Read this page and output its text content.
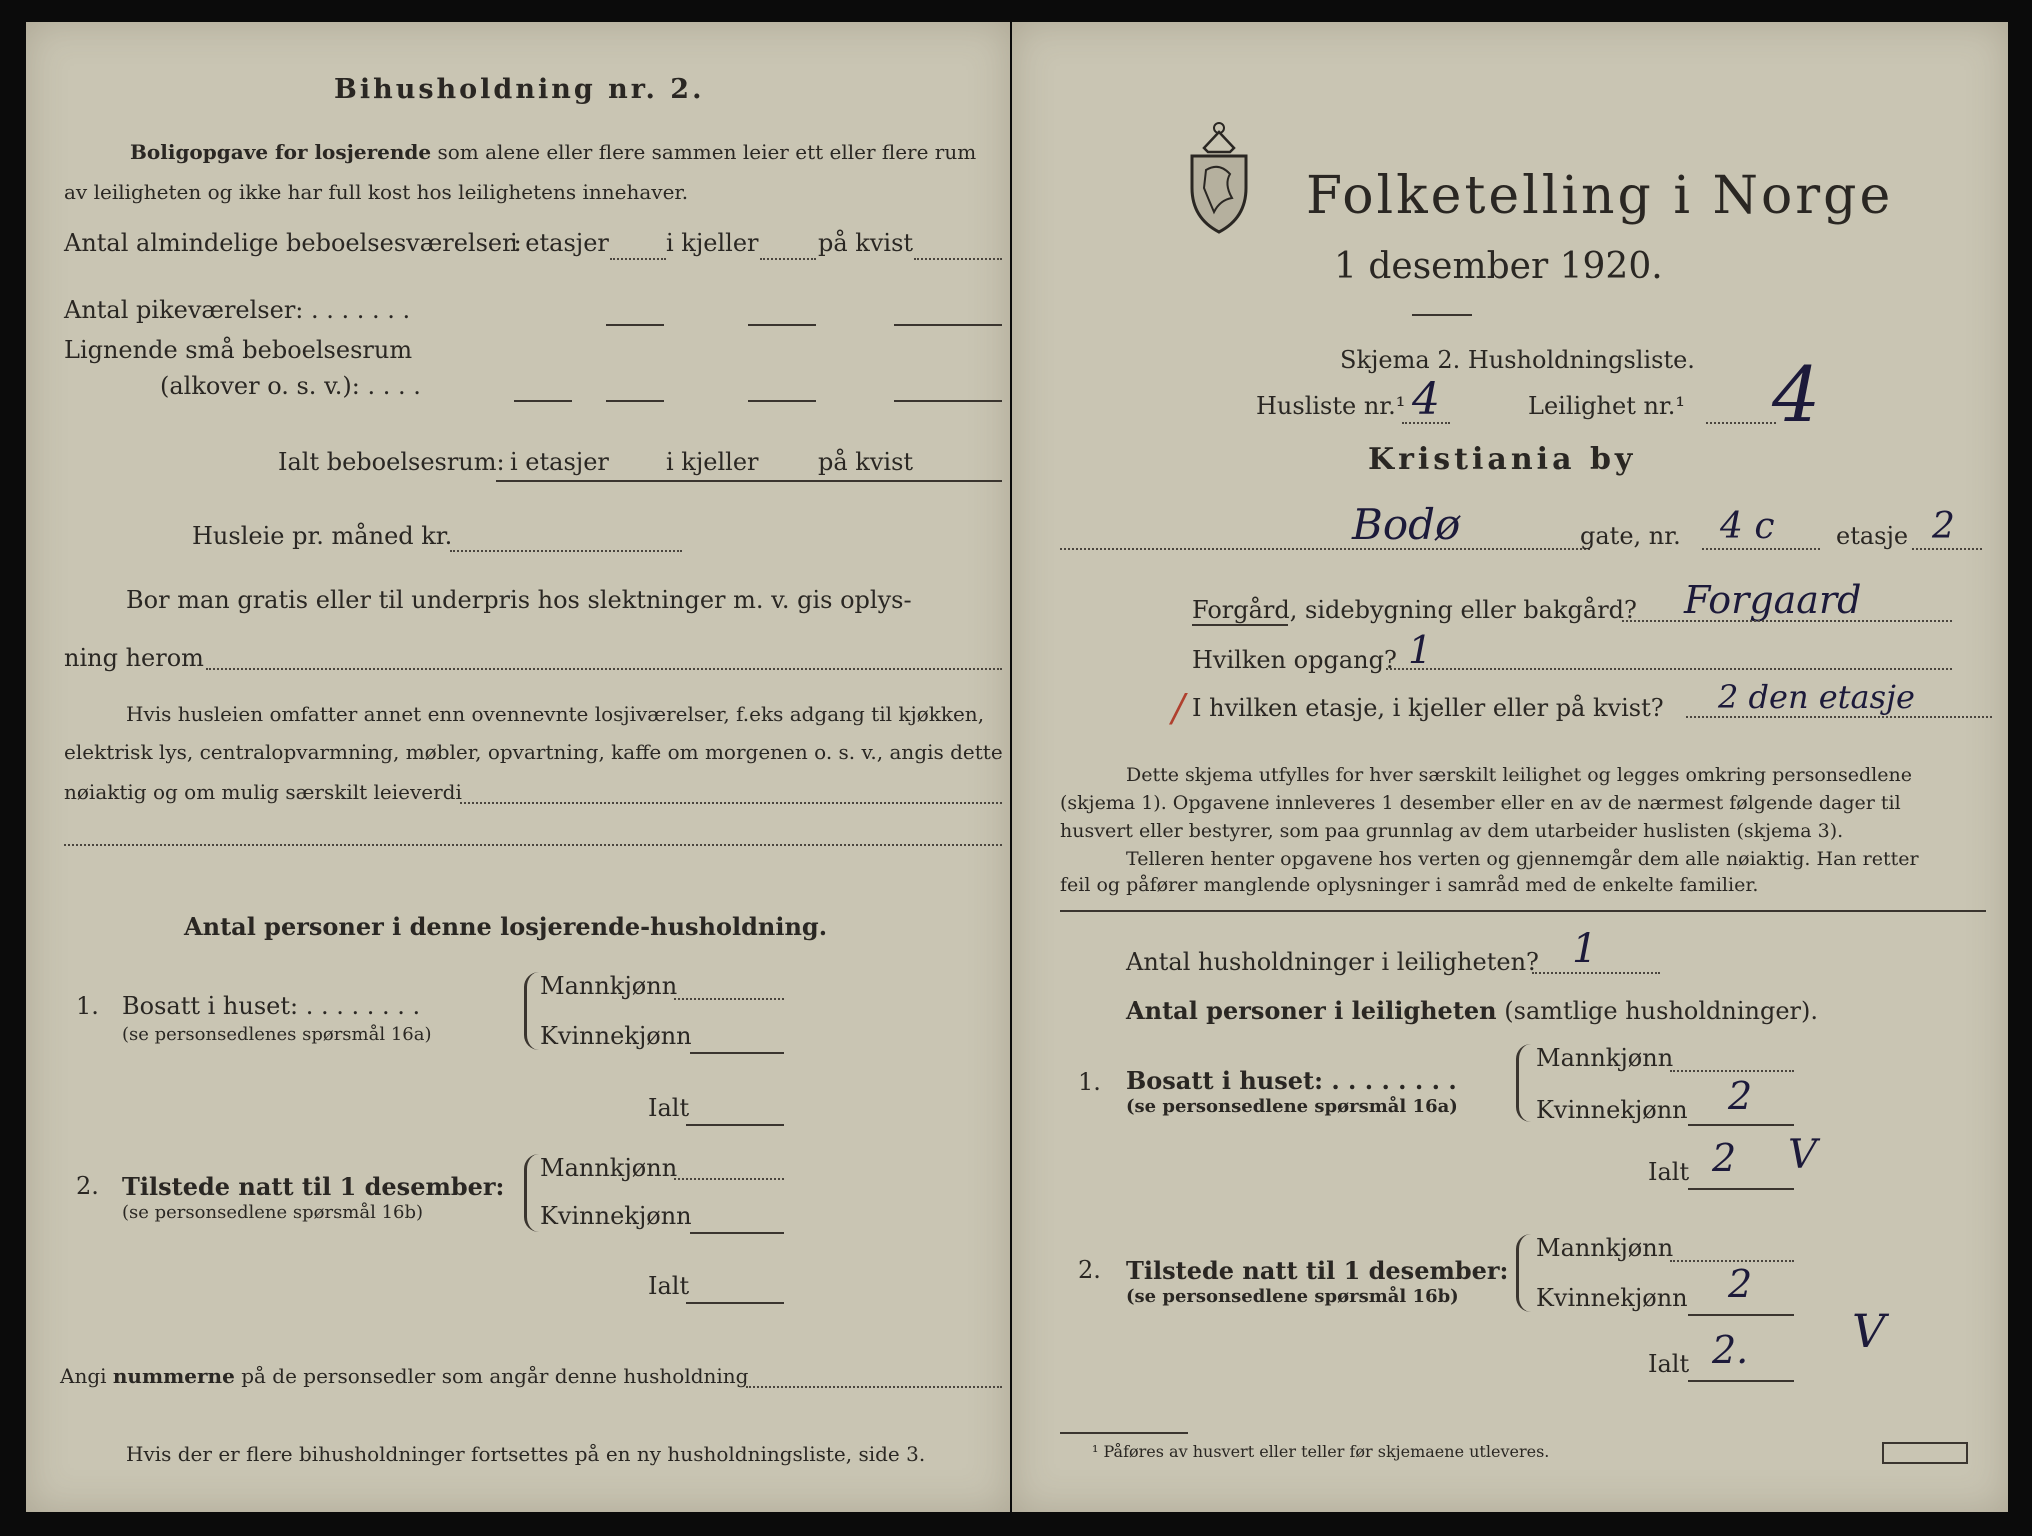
Bihusholdning nr. 2.
Boligopgave for losjerende som alene eller flere sammen leier ett eller flere rum
av leiligheten og ikke har full kost hos leilighetens innehaver.
Antal almindelige beboelsesværelser:
i etasjer i kjeller på kvist
Antal pikeværelser: . . . . . . .
Lignende små beboelsesrum
(alkover o. s. v.): . . . .
Ialt beboelsesrum: i etasjer i kjeller på kvist
Husleie pr. måned kr.
Bor man gratis eller til underpris hos slektninger m. v. gis oplys-
ning herom
Hvis husleien omfatter annet enn ovennevnte losjiværelser, f.eks adgang til kjøkken,
elektrisk lys, centralopvarmning, møbler, opvartning, kaffe om morgenen o. s. v., angis dette
nøiaktig og om mulig særskilt leieverdi
Antal personer i denne losjerende-husholdning.
1. Bosatt i huset: . . . . . . . .
(se personsedlenes spørsmål 16a)
Mannkjønn
Kvinnekjønn
Ialt
2. Tilstede natt til 1 desember:
(se personsedlene spørsmål 16b)
Mannkjønn
Kvinnekjønn
Ialt
Angi nummerne på de personsedler som angår denne husholdning
Hvis der er flere bihusholdninger fortsettes på en ny husholdningsliste, side 3.
Folketelling i Norge
1 desember 1920.
Skjema 2. Husholdningsliste.
Husliste nr.¹ 4	Leilighet nr.¹ 4
Kristiania by
Bodø	gate, nr. 4 c	etasje 2
Forgård, sidebygning eller bakgård? Forgaard
Hvilken opgang? 1
/ I hvilken etasje, i kjeller eller på kvist? 2 den etasje
Dette skjema utfylles for hver særskilt leilighet og legges omkring personsedlene
(skjema 1). Opgavene innleveres 1 desember eller en av de nærmest følgende dager til
husvert eller bestyrer, som paa grunnlag av dem utarbeider huslisten (skjema 3).
Telleren henter opgavene hos verten og gjennemgår dem alle nøiaktig. Han retter
feil og påfører manglende oplysninger i samråd med de enkelte familier.
Antal husholdninger i leiligheten? 1
Antal personer i leiligheten (samtlige husholdninger).
1. Bosatt i huset: . . . . . . . .
(se personsedlene spørsmål 16a)
Mannkjønn
Kvinnekjønn 2
Ialt 2 V
2. Tilstede natt til 1 desember:
(se personsedlene spørsmål 16b)
Mannkjønn
Kvinnekjønn 2
Ialt 2. V
¹ Påføres av husvert eller teller før skjemaene utleveres.
